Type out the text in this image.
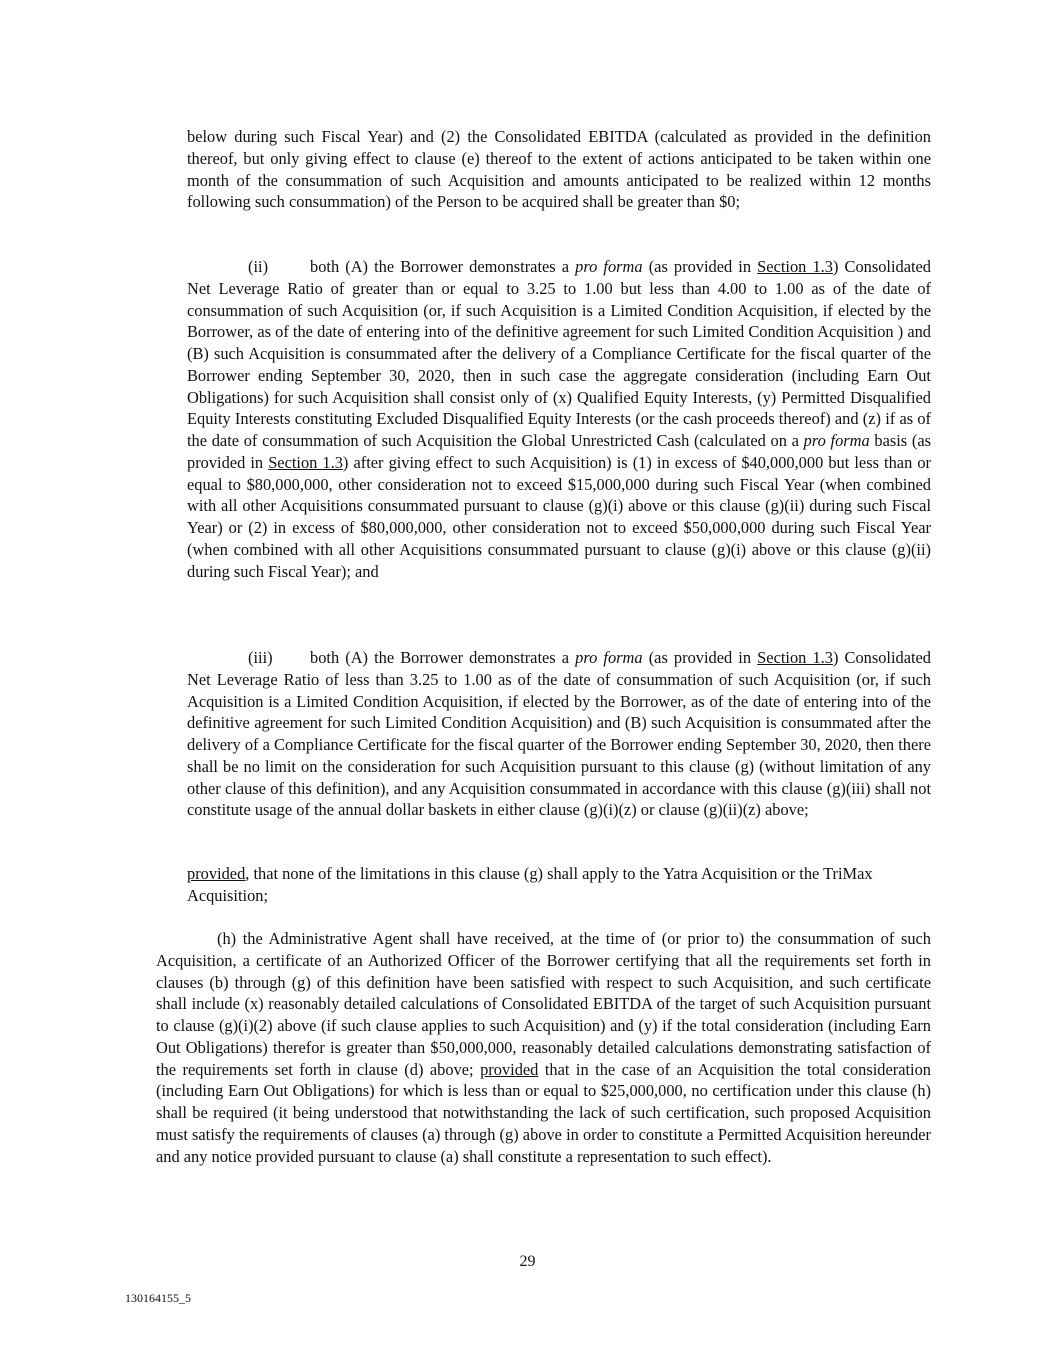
below during such Fiscal Year) and (2) the Consolidated EBITDA (calculated as provided in the definition thereof, but only giving effect to clause (e) thereof to the extent of actions anticipated to be taken within one month of the consummation of such Acquisition and amounts anticipated to be realized within 12 months following such consummation) of the Person to be acquired shall be greater than $0;

(ii)	both (A) the Borrower demonstrates a pro forma (as provided in Section 1.3) Consolidated Net Leverage Ratio of greater than or equal to 3.25 to 1.00 but less than 4.00 to 1.00 as of the date of consummation of such Acquisition (or, if such Acquisition is a Limited Condition Acquisition, if elected by the Borrower, as of the date of entering into of the definitive agreement for such Limited Condition Acquisition ) and (B) such Acquisition is consummated after the delivery of a Compliance Certificate for the fiscal quarter of the Borrower ending September 30, 2020, then in such case the aggregate consideration (including Earn Out Obligations) for such Acquisition shall consist only of (x) Qualified Equity Interests, (y) Permitted Disqualified Equity Interests constituting Excluded Disqualified Equity Interests (or the cash proceeds thereof) and (z) if as of the date of consummation of such Acquisition the Global Unrestricted Cash (calculated on a pro forma basis (as provided in Section 1.3) after giving effect to such Acquisition) is (1) in excess of $40,000,000 but less than or equal to $80,000,000, other consideration not to exceed $15,000,000 during such Fiscal Year (when combined with all other Acquisitions consummated pursuant to clause (g)(i) above or this clause (g)(ii) during such Fiscal Year) or (2) in excess of $80,000,000, other consideration not to exceed $50,000,000 during such Fiscal Year (when combined with all other Acquisitions consummated pursuant to clause (g)(i) above or this clause (g)(ii) during such Fiscal Year); and

(iii) both (A) the Borrower demonstrates a pro forma (as provided in Section 1.3) Consolidated Net Leverage Ratio of less than 3.25 to 1.00 as of the date of consummation of such Acquisition (or, if such Acquisition is a Limited Condition Acquisition, if elected by the Borrower, as of the date of entering into of the definitive agreement for such Limited Condition Acquisition) and (B) such Acquisition is consummated after the delivery of a Compliance Certificate for the fiscal quarter of the Borrower ending September 30, 2020, then there shall be no limit on the consideration for such Acquisition pursuant to this clause (g) (without limitation of any other clause of this definition), and any Acquisition consummated in accordance with this clause (g)(iii) shall not constitute usage of the annual dollar baskets in either clause (g)(i)(z) or clause (g)(ii)(z) above;

provided, that none of the limitations in this clause (g) shall apply to the Yatra Acquisition or the TriMax Acquisition;

(h) the Administrative Agent shall have received, at the time of (or prior to) the consummation of such Acquisition, a certificate of an Authorized Officer of the Borrower certifying that all the requirements set forth in clauses (b) through (g) of this definition have been satisfied with respect to such Acquisition, and such certificate shall include (x) reasonably detailed calculations of Consolidated EBITDA of the target of such Acquisition pursuant to clause (g)(i)(2) above (if such clause applies to such Acquisition) and (y) if the total consideration (including Earn Out Obligations) therefor is greater than $50,000,000, reasonably detailed calculations demonstrating satisfaction of the requirements set forth in clause (d) above; provided that in the case of an Acquisition the total consideration (including Earn Out Obligations) for which is less than or equal to $25,000,000, no certification under this clause (h) shall be required (it being understood that notwithstanding the lack of such certification, such proposed Acquisition must satisfy the requirements of clauses (a) through (g) above in order to constitute a Permitted Acquisition hereunder and any notice provided pursuant to clause (a) shall constitute a representation to such effect).

29
130164155_5
